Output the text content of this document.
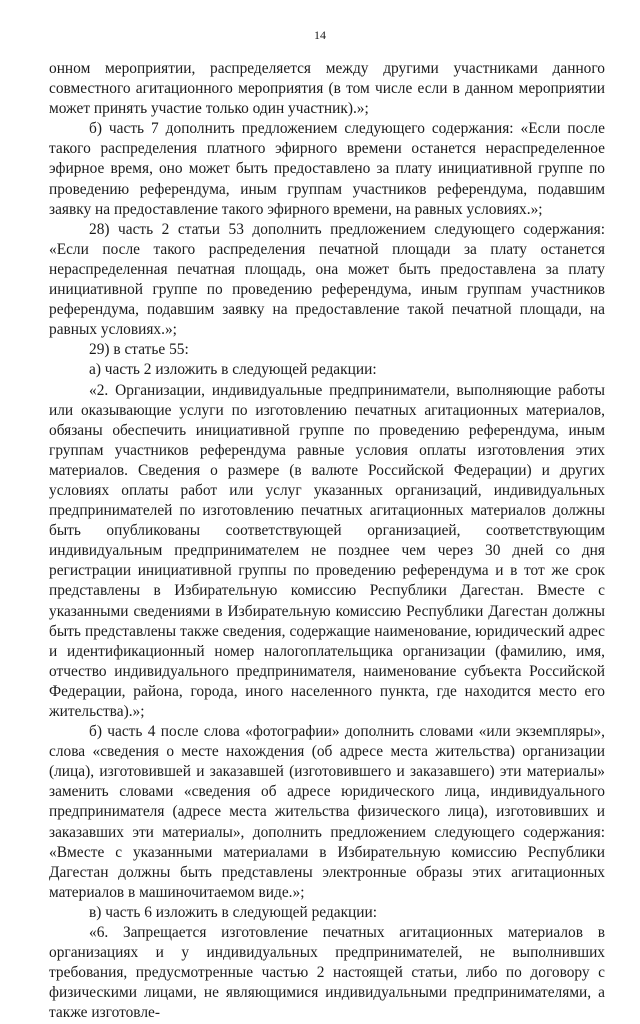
14

онном мероприятии, распределяется между другими участниками данного совместного агитационного мероприятия (в том числе если в данном мероприятии может принять участие только один участник).»;

б) часть 7 дополнить предложением следующего содержания: «Если после такого распределения платного эфирного времени останется нераспределенное эфирное время, оно может быть предоставлено за плату инициативной группе по проведению референдума, иным группам участников референдума, подавшим заявку на предоставление такого эфирного времени, на равных условиях.»;

28) часть 2 статьи 53 дополнить предложением следующего содержания: «Если после такого распределения печатной площади за плату останется нераспределенная печатная площадь, она может быть предоставлена за плату инициативной группе по проведению референдума, иным группам участников референдума, подавшим заявку на предоставление такой печатной площади, на равных условиях.»;

29) в статье 55:

а) часть 2 изложить в следующей редакции:

«2. Организации, индивидуальные предприниматели, выполняющие работы или оказывающие услуги по изготовлению печатных агитационных материалов, обязаны обеспечить инициативной группе по проведению референдума, иным группам участников референдума равные условия оплаты изготовления этих материалов. Сведения о размере (в валюте Российской Федерации) и других условиях оплаты работ или услуг указанных организаций, индивидуальных предпринимателей по изготовлению печатных агитационных материалов должны быть опубликованы соответствующей организацией, соответствующим индивидуальным предпринимателем не позднее чем через 30 дней со дня регистрации инициативной группы по проведению референдума и в тот же срок представлены в Избирательную комиссию Республики Дагестан. Вместе с указанными сведениями в Избирательную комиссию Республики Дагестан должны быть представлены также сведения, содержащие наименование, юридический адрес и идентификационный номер налогоплательщика организации (фамилию, имя, отчество индивидуального предпринимателя, наименование субъекта Российской Федерации, района, города, иного населенного пункта, где находится место его жительства).»;

б) часть 4 после слова «фотографии» дополнить словами «или экземпляры», слова «сведения о месте нахождения (об адресе места жительства) организации (лица), изготовившей и заказавшей (изготовившего и заказавшего) эти материалы» заменить словами «сведения об адресе юридического лица, индивидуального предпринимателя (адресе места жительства физического лица), изготовивших и заказавших эти материалы», дополнить предложением следующего содержания: «Вместе с указанными материалами в Избирательную комиссию Республики Дагестан должны быть представлены электронные образы этих агитационных материалов в машиночитаемом виде.»;

в) часть 6 изложить в следующей редакции:

«6. Запрещается изготовление печатных агитационных материалов в организациях и у индивидуальных предпринимателей, не выполнивших требования, предусмотренные частью 2 настоящей статьи, либо по договору с физическими лицами, не являющимися индивидуальными предпринимателями, а также изготовле-
